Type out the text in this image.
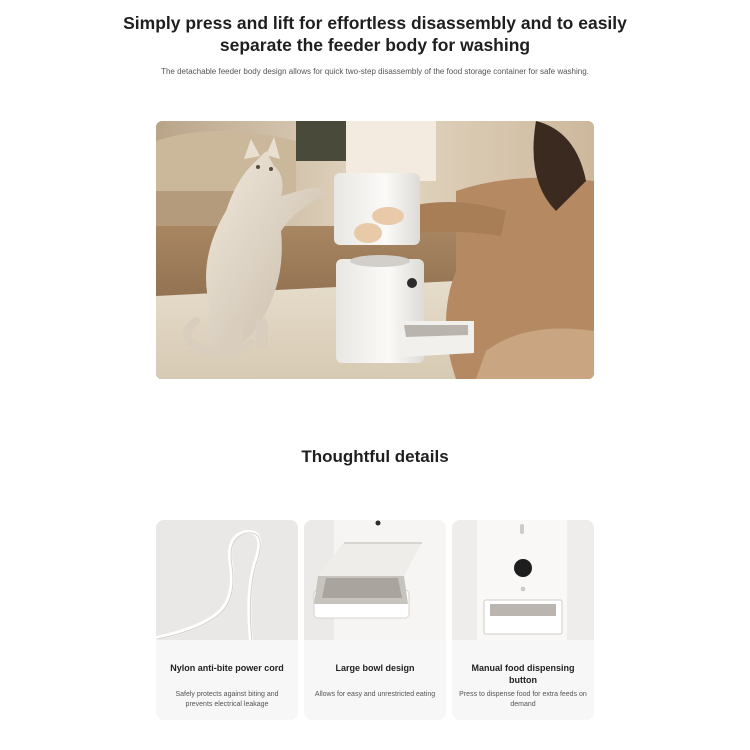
Simply press and lift for effortless disassembly and to easily separate the feeder body for washing
The detachable feeder body design allows for quick two-step disassembly of the food storage container for safe washing.
Thoughtful details
Nylon anti-bite power cord
Safely protects against biting and prevents electrical leakage
Large bowl design
Allows for easy and unrestricted eating
Manual food dispensing button
Press to dispense food for extra feeds on demand
